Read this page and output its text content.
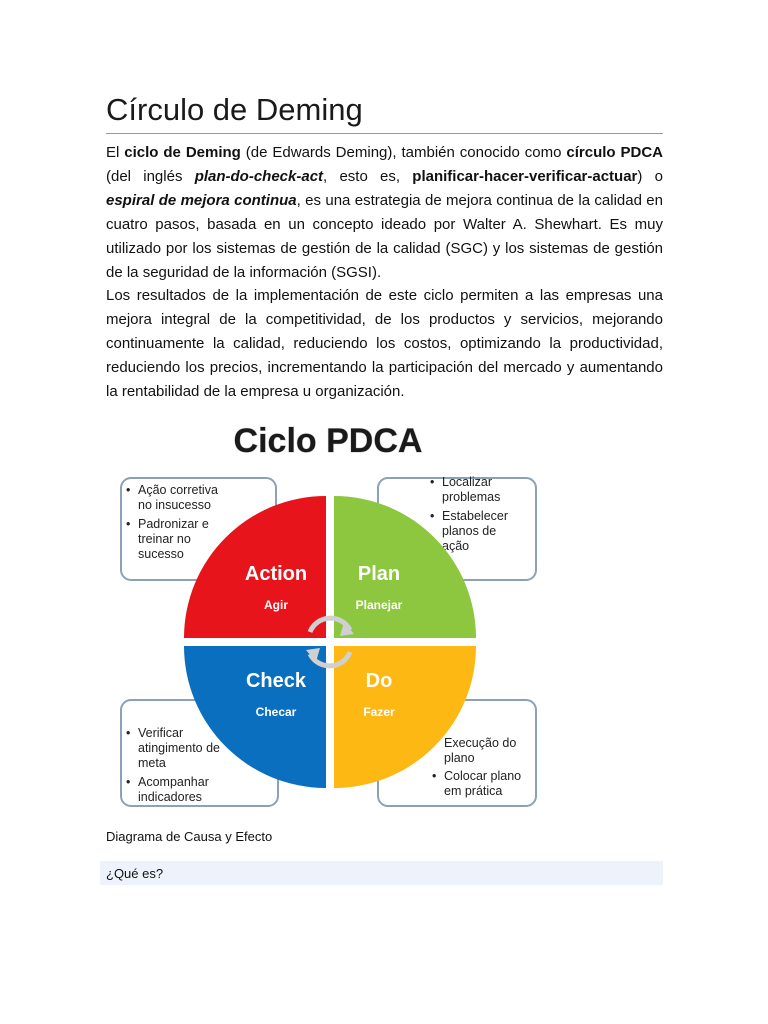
Círculo de Deming
El ciclo de Deming (de Edwards Deming), también conocido como círculo PDCA (del inglés plan-do-check-act, esto es, planificar-hacer-verificar-actuar) o espiral de mejora continua, es una estrategia de mejora continua de la calidad en cuatro pasos, basada en un concepto ideado por Walter A. Shewhart. Es muy utilizado por los sistemas de gestión de la calidad (SGC) y los sistemas de gestión de la seguridad de la información (SGSI).
Los resultados de la implementación de este ciclo permiten a las empresas una mejora integral de la competitividad, de los productos y servicios, mejorando continuamente la calidad, reduciendo los costos, optimizando la productividad, reduciendo los precios, incrementando la participación del mercado y aumentando la rentabilidad de la empresa u organización.
Ciclo PDCA
• Ação corretiva
no insucesso
• Padronizar e
treinar no
sucesso
• Localizar
problemas
• Estabelecer
planos de
ação
• Verificar
atingimento de
meta
• Acompanhar
indicadores
Execução do
plano
• Colocar plano
em prática
Action
Agir
Plan
Planejar
Check
Checar
Do
Fazer
Diagrama de Causa y Efecto
¿Qué es?
